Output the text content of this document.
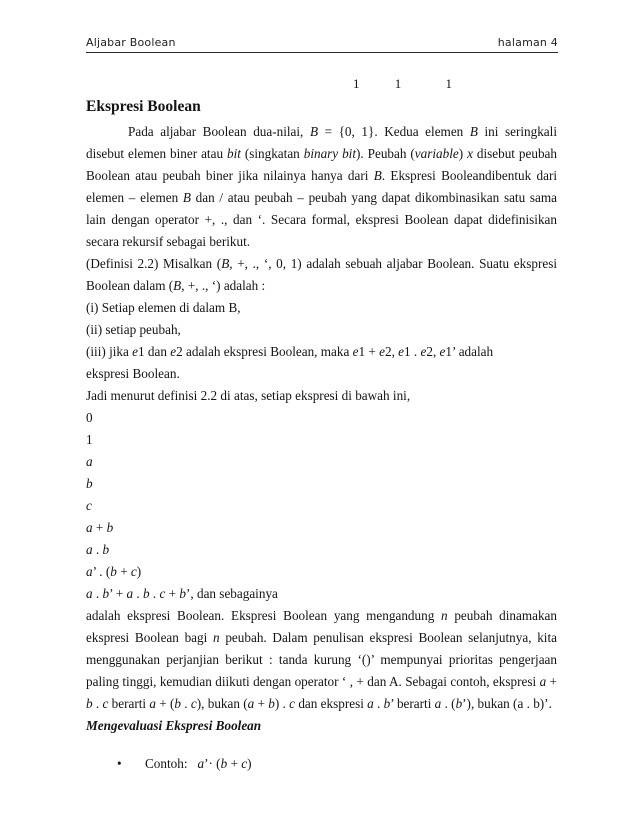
Aljabar Boolean	halaman 4
1	1	1
Ekspresi Boolean

Pada aljabar Boolean dua-nilai, B = {0, 1}. Kedua elemen B ini seringkali disebut elemen biner atau bit (singkatan binary bit). Peubah (variable) x disebut peubah Boolean atau peubah biner jika nilainya hanya dari B. Ekspresi Booleandibentuk dari elemen – elemen B dan / atau peubah – peubah yang dapat dikombinasikan satu sama lain dengan operator +, ., dan ‘. Secara formal, ekspresi Boolean dapat didefinisikan secara rekursif sebagai berikut.

(Definisi 2.2) Misalkan (B, +, ., ‘, 0, 1) adalah sebuah aljabar Boolean. Suatu ekspresi Boolean dalam (B, +, ., ‘) adalah :

(i) Setiap elemen di dalam B,
(ii) setiap peubah,
(iii) jika e1 dan e2 adalah ekspresi Boolean, maka e1 + e2, e1 . e2, e1’ adalah
ekspresi Boolean.
Jadi menurut definisi 2.2 di atas, setiap ekspresi di bawah ini,
0
1
a
b
c
a + b
a . b
a’ . (b + c)
a . b’ + a . b . c + b’, dan sebagainya

adalah ekspresi Boolean. Ekspresi Boolean yang mengandung n peubah dinamakan ekspresi Boolean bagi n peubah. Dalam penulisan ekspresi Boolean selanjutnya, kita menggunakan perjanjian berikut : tanda kurung ‘()’ mempunyai prioritas pengerjaan paling tinggi, kemudian diikuti dengan operator ‘ , + dan A. Sebagai contoh, ekspresi a + b . c berarti a + (b . c), bukan (a + b) . c dan ekspresi a . b’ berarti a . (b’), bukan (a . b)’.

Mengevaluasi Ekspresi Boolean
•	Contoh: a’· (b + c)
